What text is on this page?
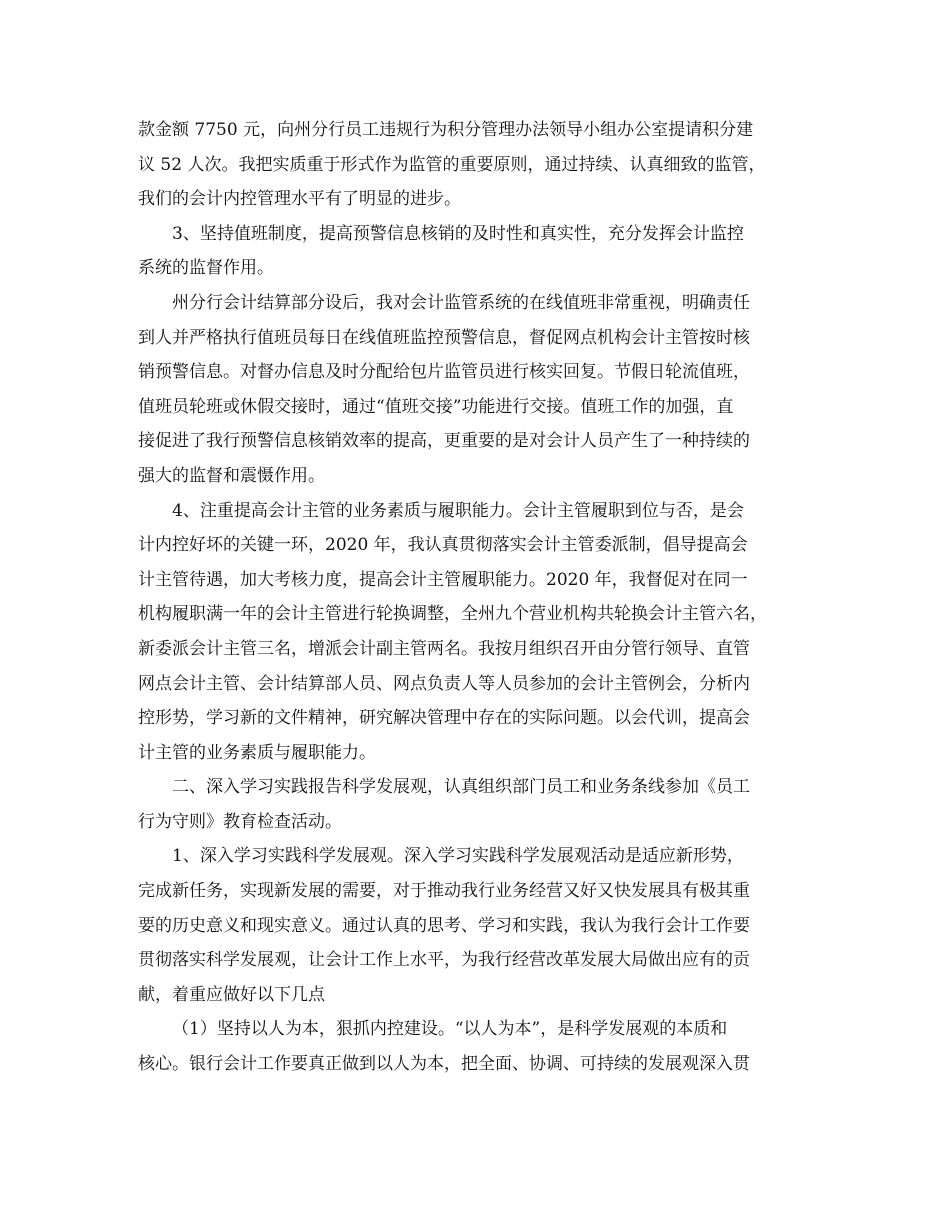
款金额 7750 元，向州分行员工违规行为积分管理办法领导小组办公室提请积分建
议 52 人次。我把实质重于形式作为监管的重要原则，通过持续、认真细致的监管，
我们的会计内控管理水平有了明显的进步。

3、坚持值班制度，提高预警信息核销的及时性和真实性，充分发挥会计监控
系统的监督作用。

州分行会计结算部分设后，我对会计监管系统的在线值班非常重视，明确责任
到人并严格执行值班员每日在线值班监控预警信息，督促网点机构会计主管按时核
销预警信息。对督办信息及时分配给包片监管员进行核实回复。节假日轮流值班，
值班员轮班或休假交接时，通过“值班交接”功能进行交接。值班工作的加强，直
接促进了我行预警信息核销效率的提高，更重要的是对会计人员产生了一种持续的
强大的监督和震慑作用。

4、注重提高会计主管的业务素质与履职能力。会计主管履职到位与否，是会
计内控好坏的关键一环，2020 年，我认真贯彻落实会计主管委派制，倡导提高会
计主管待遇，加大考核力度，提高会计主管履职能力。2020 年，我督促对在同一
机构履职满一年的会计主管进行轮换调整，全州九个营业机构共轮换会计主管六名，
新委派会计主管三名，增派会计副主管两名。我按月组织召开由分管行领导、直管
网点会计主管、会计结算部人员、网点负责人等人员参加的会计主管例会，分析内
控形势，学习新的文件精神，研究解决管理中存在的实际问题。以会代训，提高会
计主管的业务素质与履职能力。

二、深入学习实践报告科学发展观，认真组织部门员工和业务条线参加《员工
行为守则》教育检查活动。

1、深入学习实践科学发展观。深入学习实践科学发展观活动是适应新形势，
完成新任务，实现新发展的需要，对于推动我行业务经营又好又快发展具有极其重
要的历史意义和现实意义。通过认真的思考、学习和实践，我认为我行会计工作要
贯彻落实科学发展观，让会计工作上水平，为我行经营改革发展大局做出应有的贡
献，着重应做好以下几点

（1）坚持以人为本，狠抓内控建设。“以人为本”，是科学发展观的本质和
核心。银行会计工作要真正做到以人为本，把全面、协调、可持续的发展观深入贯
